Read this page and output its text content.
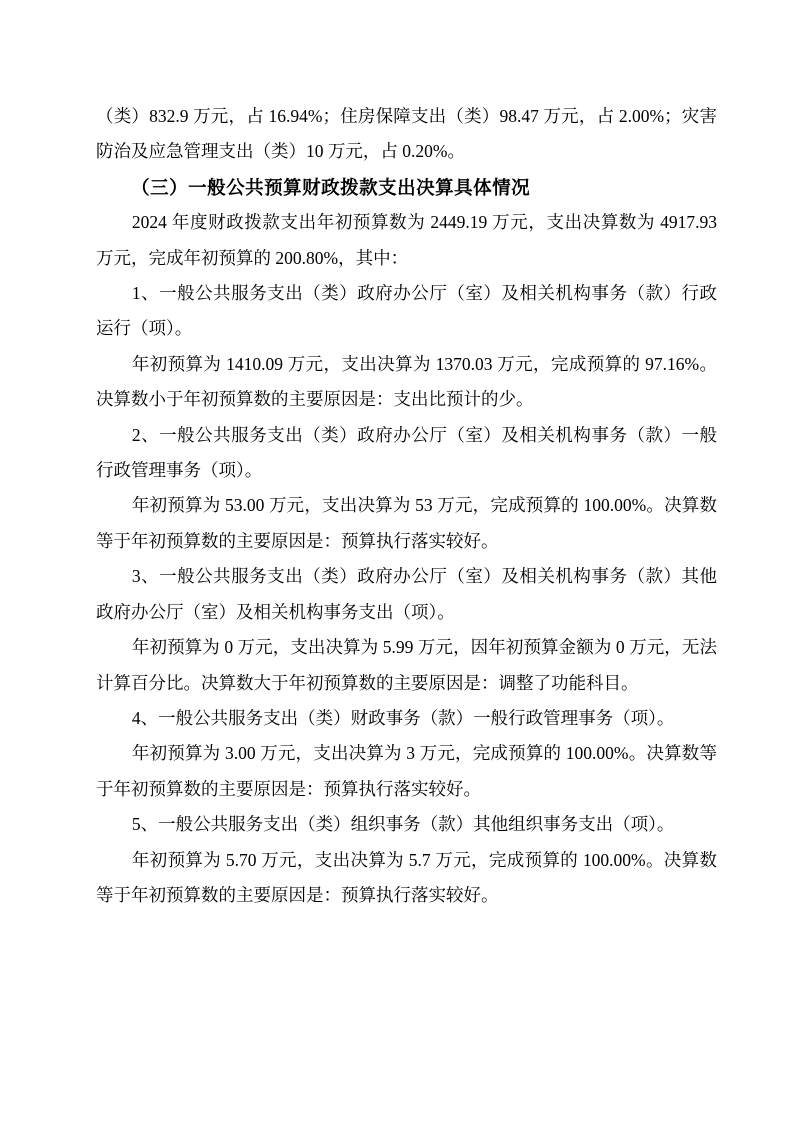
（类）832.9 万元，占 16.94%；住房保障支出（类）98.47 万元，占 2.00%；灾害防治及应急管理支出（类）10 万元，占 0.20%。

（三）一般公共预算财政拨款支出决算具体情况

2024 年度财政拨款支出年初预算数为 2449.19 万元，支出决算数为 4917.93 万元，完成年初预算的 200.80%，其中：

1、一般公共服务支出（类）政府办公厅（室）及相关机构事务（款）行政运行（项）。

年初预算为 1410.09 万元，支出决算为 1370.03 万元，完成预算的 97.16%。决算数小于年初预算数的主要原因是：支出比预计的少。

2、一般公共服务支出（类）政府办公厅（室）及相关机构事务（款）一般行政管理事务（项）。

年初预算为 53.00 万元，支出决算为 53 万元，完成预算的 100.00%。决算数等于年初预算数的主要原因是：预算执行落实较好。

3、一般公共服务支出（类）政府办公厅（室）及相关机构事务（款）其他政府办公厅（室）及相关机构事务支出（项）。

年初预算为 0 万元，支出决算为 5.99 万元，因年初预算金额为 0 万元，无法计算百分比。决算数大于年初预算数的主要原因是：调整了功能科目。

4、一般公共服务支出（类）财政事务（款）一般行政管理事务（项）。

年初预算为 3.00 万元，支出决算为 3 万元，完成预算的 100.00%。决算数等于年初预算数的主要原因是：预算执行落实较好。

5、一般公共服务支出（类）组织事务（款）其他组织事务支出（项）。

年初预算为 5.70 万元，支出决算为 5.7 万元，完成预算的 100.00%。决算数等于年初预算数的主要原因是：预算执行落实较好。
